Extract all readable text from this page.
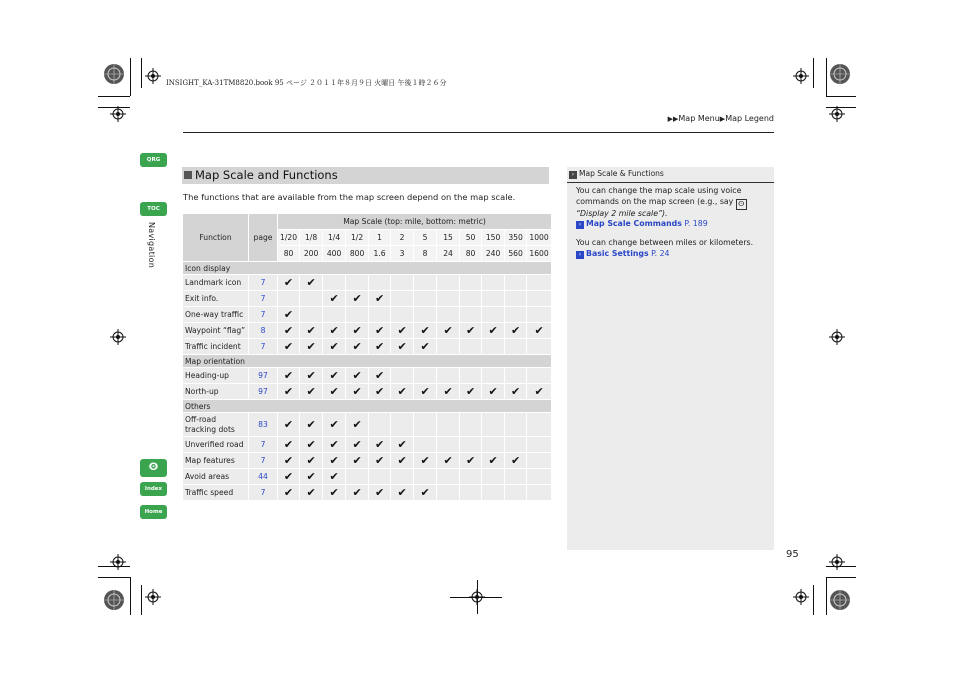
INSIGHT_KA-31TM8820.book 95 ページ ２０１１年８月９日 火曜日 午後１時２６分
▶▶Map Menu▶Map Legend
QRG
TOC
Navigation
ⵙ
Index
Home
Map Scale and Functions
The functions that are available from the map screen depend on the map scale.
Function	page	Map Scale (top: mile, bottom: metric)											
		1/20	1/8	1/4	1/2	1	2	5	15	50	150	350	1000
		80	200	400	800	1.6	3	8	24	80	240	560	1600
Icon display													
Landmark icon	7	✔	✔										
Exit info.	7			✔	✔	✔							
One-way traffic	7	✔											
Waypoint “flag”	8	✔	✔	✔	✔	✔	✔	✔	✔	✔	✔	✔	✔
Traffic incident	7	✔	✔	✔	✔	✔	✔	✔					
Map orientation													
Heading-up	97	✔	✔	✔	✔	✔							
North-up	97	✔	✔	✔	✔	✔	✔	✔	✔	✔	✔	✔	✔
Others													
Off-road tracking dots	83	✔	✔	✔	✔								
Unverified road	7	✔	✔	✔	✔	✔	✔						
Map features	7	✔	✔	✔	✔	✔	✔	✔	✔	✔	✔	✔	
Avoid areas	44	✔	✔	✔									
Traffic speed	7	✔	✔	✔	✔	✔	✔	✔					
› Map Scale & Functions
You can change the map scale using voice
commands on the map screen (e.g., say ⵙ
“Display 2 mile scale”).
› Map Scale Commands P. 189
You can change between miles or kilometers.
› Basic Settings P. 24
95
